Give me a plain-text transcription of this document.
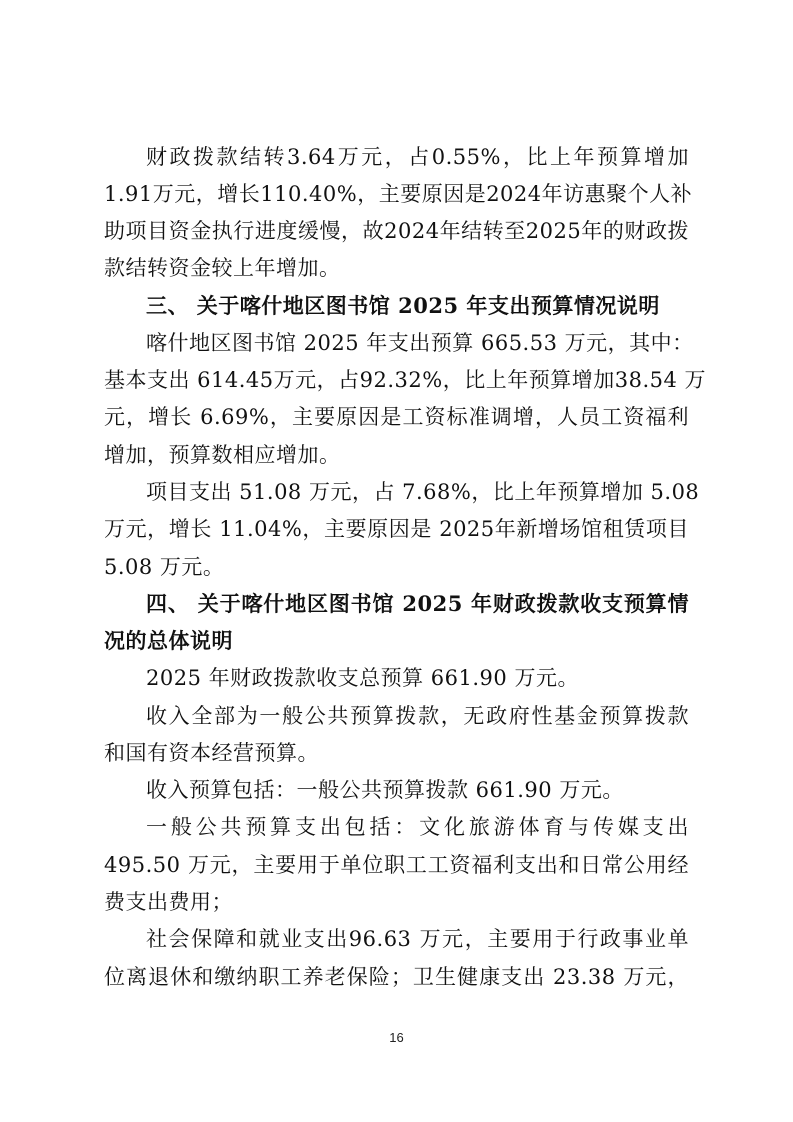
财政拨款结转3.64万元，占0.55%，比上年预算增加
1.91万元，增长110.40%，主要原因是2024年访惠聚个人补
助项目资金执行进度缓慢，故2024年结转至2025年的财政拨
款结转资金较上年增加。
三、 关于喀什地区图书馆 2025 年支出预算情况说明
喀什地区图书馆 2025 年支出预算 665.53 万元，其中：
基本支出 614.45万元，占92.32%，比上年预算增加38.54 万
元，增长 6.69%，主要原因是工资标准调增，人员工资福利
增加，预算数相应增加。
项目支出 51.08 万元，占 7.68%，比上年预算增加 5.08
万元，增长 11.04%，主要原因是 2025年新增场馆租赁项目
5.08 万元。
四、 关于喀什地区图书馆 2025 年财政拨款收支预算情
况的总体说明
2025 年财政拨款收支总预算 661.90 万元。
收入全部为一般公共预算拨款，无政府性基金预算拨款
和国有资本经营预算。
收入预算包括：一般公共预算拨款 661.90 万元。
一般公共预算支出包括：文化旅游体育与传媒支出
495.50 万元，主要用于单位职工工资福利支出和日常公用经
费支出费用；
社会保障和就业支出96.63 万元，主要用于行政事业单
位离退休和缴纳职工养老保险；卫生健康支出 23.38 万元，
16
